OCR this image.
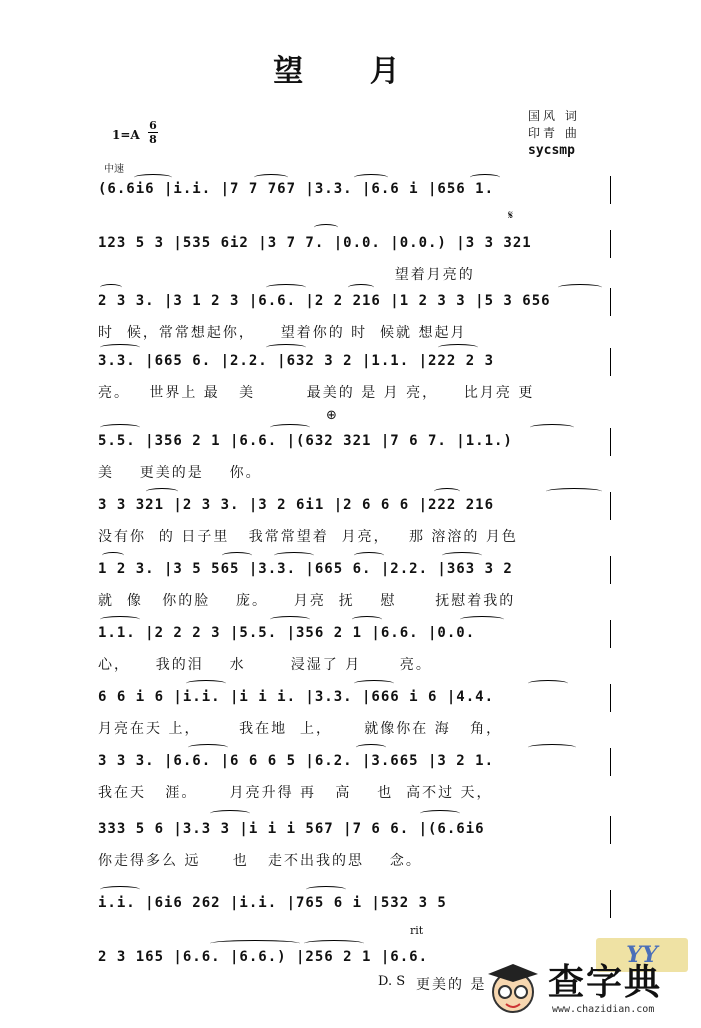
望 月
国风 词
印青 曲
sycsmp
1=A
6
8
中速
(6.6i6 |i.i. |7 7 767 |3.3. |6.6 i |656 1.
123 5 3 |535 6i2 |3 7 7. |0.0. |0.0.) |3 3 321
望着月亮的
𝄋
2 3 3. |3 1 2 3 |6.6. |2 2 216 |1 2 3 3 |5 3 656
时  候，常常想起你，    望着你的 时  候就 想起月
3.3. |665 6. |2.2. |632 3 2 |1.1. |222 2 3
亮。   世界上 最   美        最美的 是 月 亮，    比月亮 更
5.5. |356 2 1 |6.6. |(632 321 |7 6 7. |1.1.)
美    更美的是    你。
⊕
3 3 321 |2 3 3. |3 2 6i1 |2 6 6 6 |222 216
没有你  的 日子里   我常常望着  月亮，   那 溶溶的 月色
1 2 3. |3 5 565 |3.3. |665 6. |2.2. |363 3 2
就  像   你的脸    庞。    月亮  抚    慰      抚慰着我的
1.1. |2 2 2 3 |5.5. |356 2 1 |6.6. |0.0.
心，    我的泪    水       浸湿了 月      亮。
6 6 i 6 |i.i. |i i i. |3.3. |666 i 6 |4.4.
月亮在天 上，      我在地  上，     就像你在 海   角，
3 3 3. |6.6. |6 6 6 5 |6.2. |3.665 |3 2 1.
我在天   涯。     月亮升得 再   高    也  高不过 天，
333 5 6 |3.3 3 |i i i 567 |7 6 6. |(6.6i6
你走得多么 远     也   走不出我的思    念。
i.i. |6i6 262 |i.i. |765 6 i |532 3 5
2 3 165 |6.6. |6.6.) |256 2 1 |6.6.
rit
D. S 更美的 是
YY
查字典
www.chazidian.com
